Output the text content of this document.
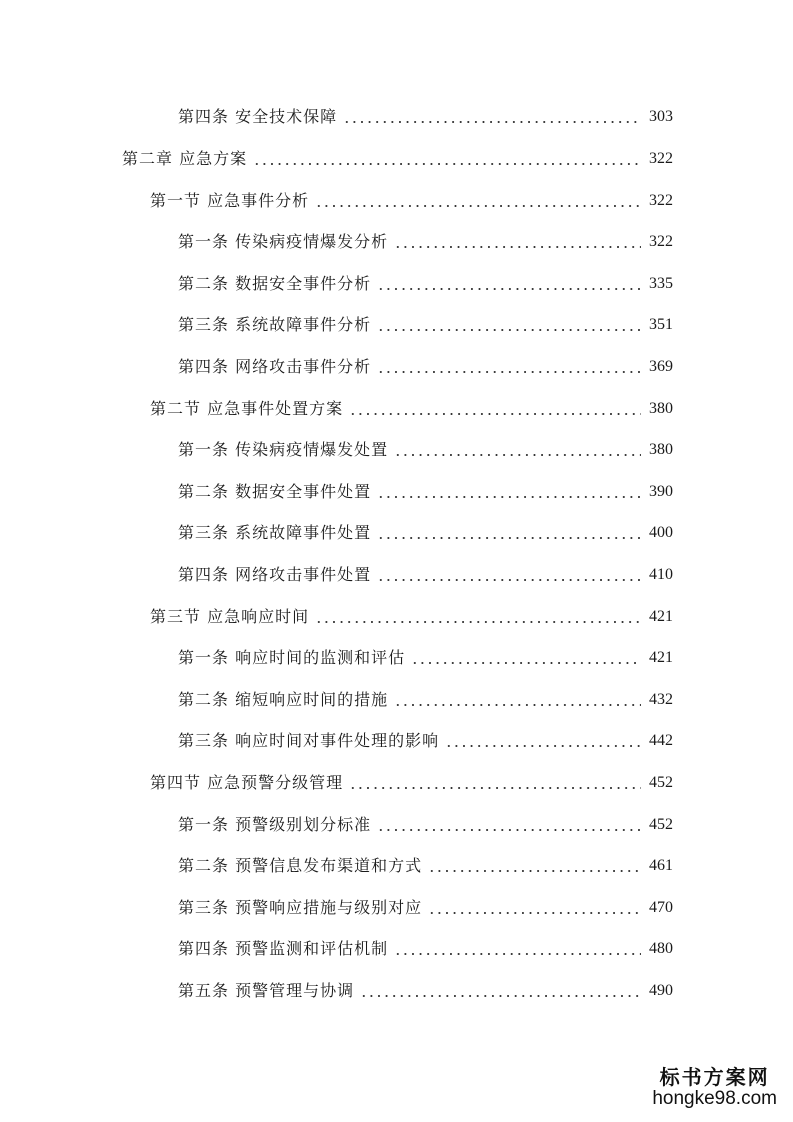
第四条 安全技术保障	303
第二章 应急方案	322
第一节 应急事件分析	322
第一条 传染病疫情爆发分析	322
第二条 数据安全事件分析	335
第三条 系统故障事件分析	351
第四条 网络攻击事件分析	369
第二节 应急事件处置方案	380
第一条 传染病疫情爆发处置	380
第二条 数据安全事件处置	390
第三条 系统故障事件处置	400
第四条 网络攻击事件处置	410
第三节 应急响应时间	421
第一条 响应时间的监测和评估	421
第二条 缩短响应时间的措施	432
第三条 响应时间对事件处理的影响	442
第四节 应急预警分级管理	452
第一条 预警级别划分标准	452
第二条 预警信息发布渠道和方式	461
第三条 预警响应措施与级别对应	470
第四条 预警监测和评估机制	480
第五条 预警管理与协调	490
标书方案网
hongke98.com
